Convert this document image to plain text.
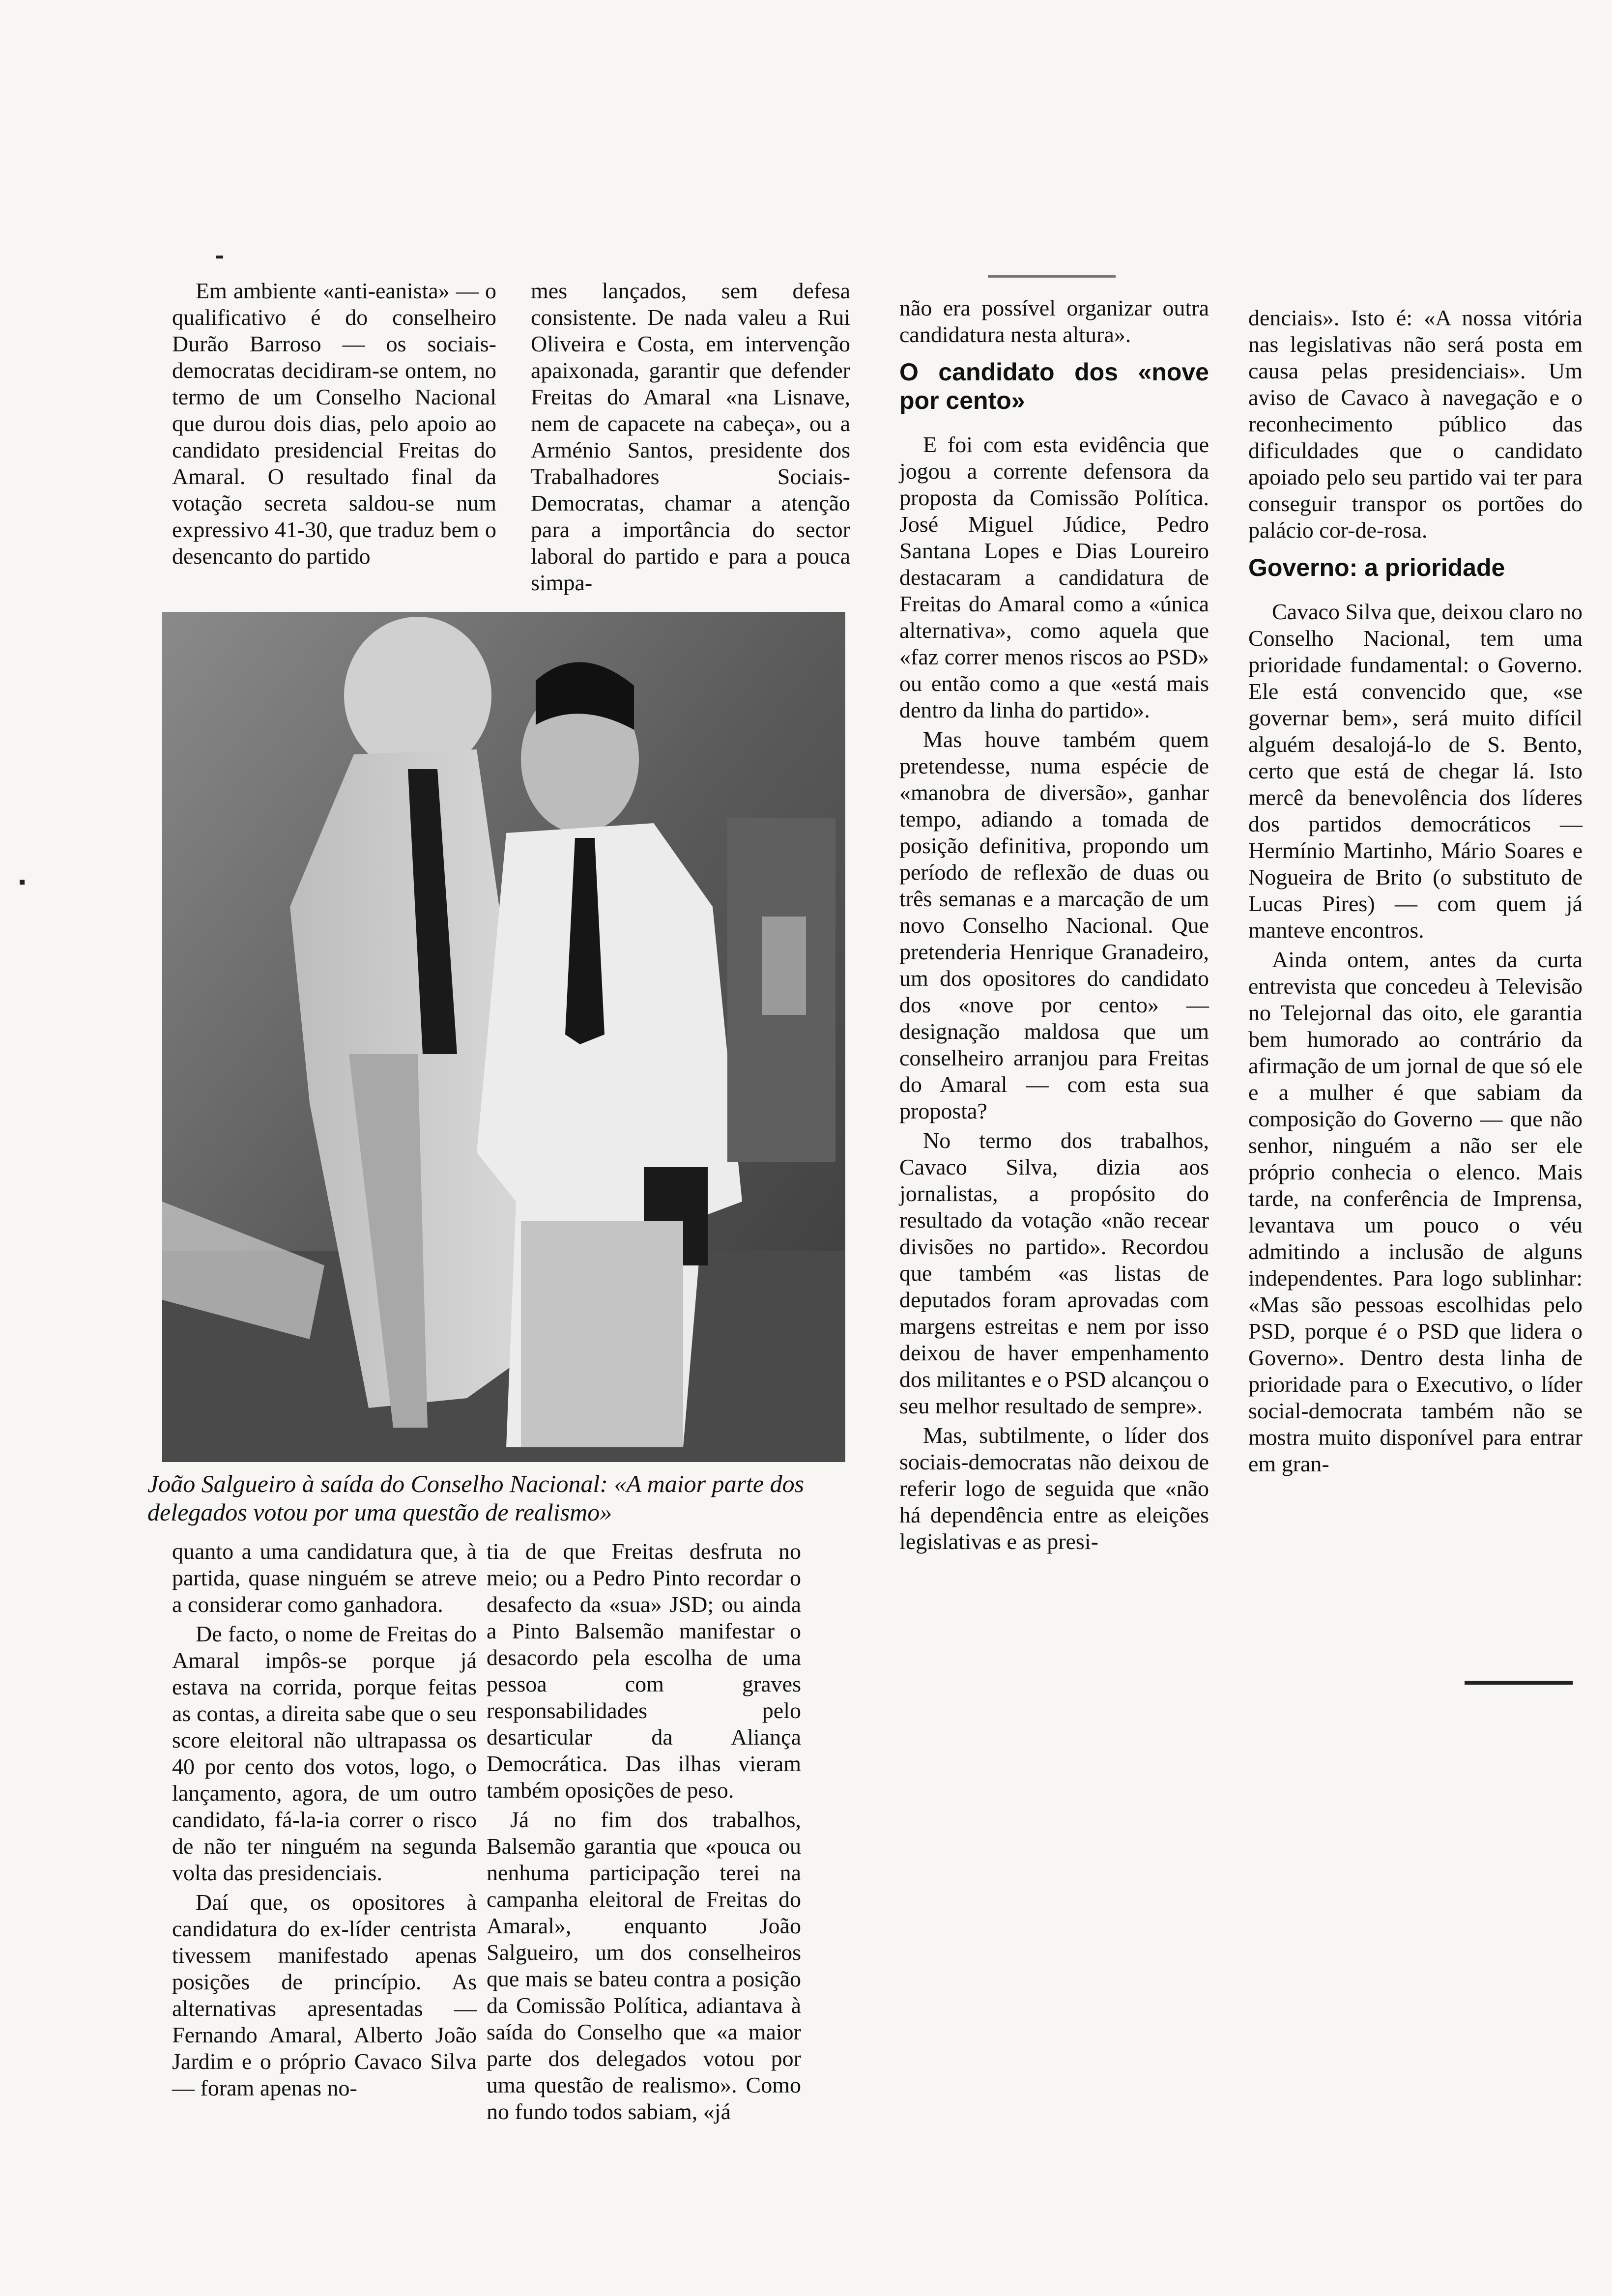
Em ambiente «anti-eanista» — o qualificativo é do conselheiro Durão Barroso — os sociais-democratas decidiram-se ontem, no termo de um Conselho Nacional que durou dois dias, pelo apoio ao candidato presidencial Freitas do Amaral. O resultado final da votação secreta saldou-se num expressivo 41-30, que traduz bem o desencanto do partido

mes lançados, sem defesa consistente. De nada valeu a Rui Oliveira e Costa, em intervenção apaixonada, garantir que defender Freitas do Amaral «na Lisnave, nem de capacete na cabeça», ou a Arménio Santos, presidente dos Trabalhadores Sociais-Democratas, chamar a atenção para a importância do sector laboral do partido e para a pouca simpa-

João Salgueiro à saída do Conselho Nacional: «A maior parte dos delegados votou por uma questão de realismo»

quanto a uma candidatura que, à partida, quase ninguém se atreve a considerar como ganhadora.

De facto, o nome de Freitas do Amaral impôs-se porque já estava na corrida, porque feitas as contas, a direita sabe que o seu score eleitoral não ultrapassa os 40 por cento dos votos, logo, o lançamento, agora, de um outro candidato, fá-la-ia correr o risco de não ter ninguém na segunda volta das presidenciais.

Daí que, os opositores à candidatura do ex-líder centrista tivessem manifestado apenas posições de princípio. As alternativas apresentadas — Fernando Amaral, Alberto João Jardim e o próprio Cavaco Silva — foram apenas no-

tia de que Freitas desfruta no meio; ou a Pedro Pinto recordar o desafecto da «sua» JSD; ou ainda a Pinto Balsemão manifestar o desacordo pela escolha de uma pessoa com graves responsabilidades pelo desarticular da Aliança Democrática. Das ilhas vieram também oposições de peso.

Já no fim dos trabalhos, Balsemão garantia que «pouca ou nenhuma participação terei na campanha eleitoral de Freitas do Amaral», enquanto João Salgueiro, um dos conselheiros que mais se bateu contra a posição da Comissão Política, adiantava à saída do Conselho que «a maior parte dos delegados votou por uma questão de realismo». Como no fundo todos sabiam, «já

não era possível organizar outra candidatura nesta altura».

O candidato dos «nove por cento»

E foi com esta evidência que jogou a corrente defensora da proposta da Comissão Política. José Miguel Júdice, Pedro Santana Lopes e Dias Loureiro destacaram a candidatura de Freitas do Amaral como a «única alternativa», como aquela que «faz correr menos riscos ao PSD» ou então como a que «está mais dentro da linha do partido».

Mas houve também quem pretendesse, numa espécie de «manobra de diversão», ganhar tempo, adiando a tomada de posição definitiva, propondo um período de reflexão de duas ou três semanas e a marcação de um novo Conselho Nacional. Que pretenderia Henrique Granadeiro, um dos opositores do candidato dos «nove por cento» — designação maldosa que um conselheiro arranjou para Freitas do Amaral — com esta sua proposta?

No termo dos trabalhos, Cavaco Silva, dizia aos jornalistas, a propósito do resultado da votação «não recear divisões no partido». Recordou que também «as listas de deputados foram aprovadas com margens estreitas e nem por isso deixou de haver empenhamento dos militantes e o PSD alcançou o seu melhor resultado de sempre».

Mas, subtilmente, o líder dos sociais-democratas não deixou de referir logo de seguida que «não há dependência entre as eleições legislativas e as presi-

denciais». Isto é: «A nossa vitória nas legislativas não será posta em causa pelas presidenciais». Um aviso de Cavaco à navegação e o reconhecimento público das dificuldades que o candidato apoiado pelo seu partido vai ter para conseguir transpor os portões do palácio cor-de-rosa.

Governo: a prioridade

Cavaco Silva que, deixou claro no Conselho Nacional, tem uma prioridade fundamental: o Governo. Ele está convencido que, «se governar bem», será muito difícil alguém desalojá-lo de S. Bento, certo que está de chegar lá. Isto mercê da benevolência dos líderes dos partidos democráticos — Hermínio Martinho, Mário Soares e Nogueira de Brito (o substituto de Lucas Pires) — com quem já manteve encontros.

Ainda ontem, antes da curta entrevista que concedeu à Televisão no Telejornal das oito, ele garantia bem humorado ao contrário da afirmação de um jornal de que só ele e a mulher é que sabiam da composição do Governo — que não senhor, ninguém a não ser ele próprio conhecia o elenco. Mais tarde, na conferência de Imprensa, levantava um pouco o véu admitindo a inclusão de alguns independentes. Para logo sublinhar: «Mas são pessoas escolhidas pelo PSD, porque é o PSD que lidera o Governo». Dentro desta linha de prioridade para o Executivo, o líder social-democrata também não se mostra muito disponível para entrar em gran-
